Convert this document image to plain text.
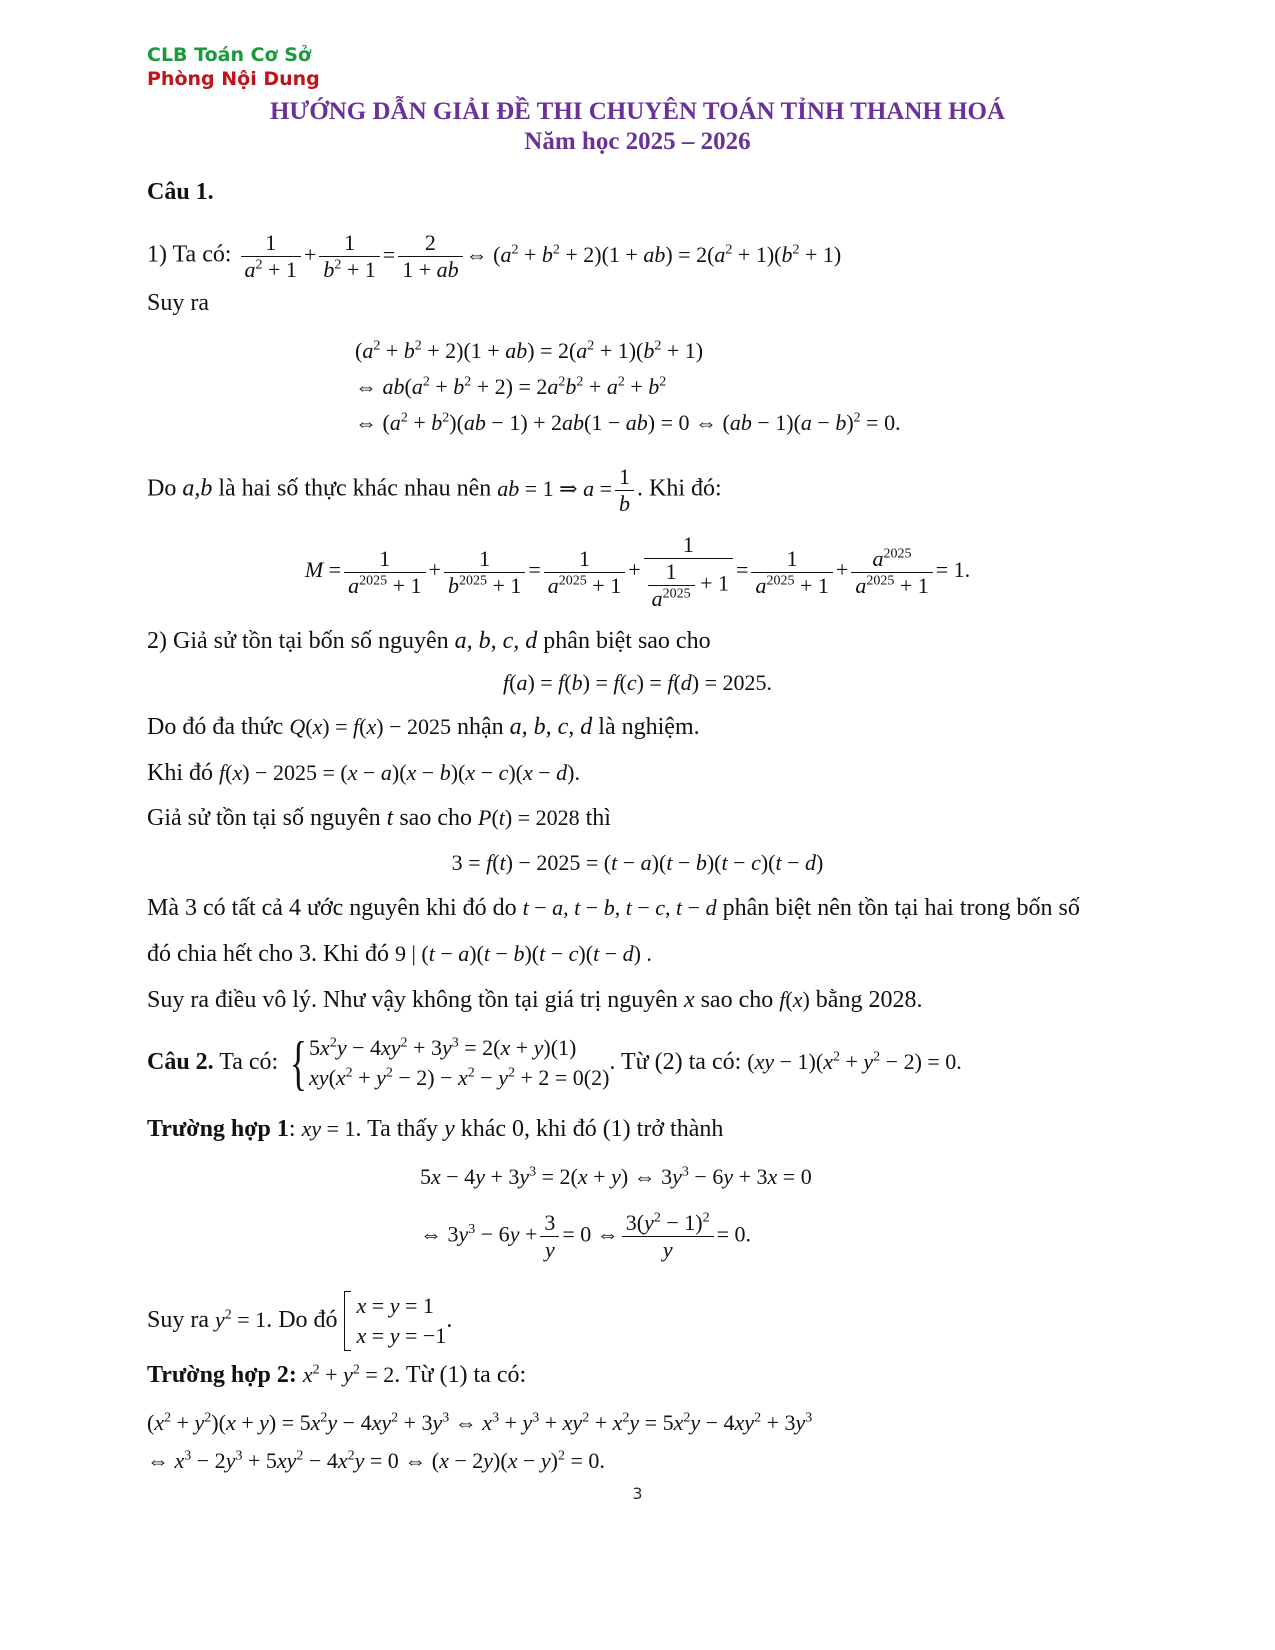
CLB Toán Cơ Sở
Phòng Nội Dung
HƯỚNG DẪN GIẢI ĐỀ THI CHUYÊN TOÁN TỈNH THANH HOÁ
Năm học 2025 – 2026
Câu 1.
1) Ta có: $\frac{1}{a^2 + 1} + \frac{1}{b^2 + 1} = \frac{2}{1 + ab}$ ⇔ $(a^2 + b^2 + 2)(1 + ab) = 2(a^2 + 1)(b^2 + 1)$
Suy ra
$(a^2 + b^2 + 2)(1 + ab) = 2(a^2 + 1)(b^2 + 1)$
⇔ $ab(a^2 + b^2 + 2) = 2a^2b^2 + a^2 + b^2$
⇔ $(a^2 + b^2)(ab - 1) + 2ab(1 - ab) = 0$ ⇔ $(ab - 1)(a - b)^2 = 0$.
Do a,b là hai số thực khác nhau nên ab = 1 ⇒ $a = \frac{1}{b}$ . Khi đó:
$M = \frac{1}{a^{2025} + 1} + \frac{1}{b^{2025} + 1} = \frac{1}{a^{2025} + 1} + \frac{1}{\frac{1}{a^{2025}} + 1} = \frac{1}{a^{2025} + 1} + \frac{a^{2025}}{a^{2025} + 1} = 1$.
2) Giả sử tồn tại bốn số nguyên a, b, c, d phân biệt sao cho
f(a) = f(b) = f(c) = f(d) = 2025.
Do đó đa thức Q(x) = f(x) − 2025 nhận a, b, c, d là nghiệm.
Khi đó f(x) − 2025 = (x − a)(x − b)(x − c)(x − d).
Giả sử tồn tại số nguyên t sao cho P(t) = 2028 thì
3 = f(t) − 2025 = (t − a)(t − b)(t − c)(t − d)
Mà 3 có tất cả 4 ước nguyên khi đó do t − a, t − b, t − c, t − d phân biệt nên tồn tại hai trong bốn số
đó chia hết cho 3. Khi đó 9 | (t − a)(t − b)(t − c)(t − d) .
Suy ra điều vô lý. Như vậy không tồn tại giá trị nguyên x sao cho f(x) bằng 2028.
Câu 2. Ta có: {$5x^2y - 4xy^2 + 3y^3 = 2(x + y)(1)$
$xy(x^2 + y^2 - 2) - x^2 - y^2 + 2 = 0(2)$. Từ (2) ta có: $(xy - 1)(x^2 + y^2 - 2) = 0$.
Trường hợp 1: xy = 1. Ta thấy y khác 0, khi đó (1) trở thành
$5x - 4y + 3y^3 = 2(x + y)$ ⇔ $3y^3 - 6y + 3x = 0$
⇔ $3y^3 - 6y + \frac{3}{y} = 0$ ⇔ $\frac{3(y^2 - 1)^2}{y} = 0$.
Suy ra $y^2 = 1$. Do đó x = y = 1
x = y = −1.
Trường hợp 2: $x^2 + y^2 = 2$. Từ (1) ta có:
$(x^2 + y^2)(x + y) = 5x^2y - 4xy^2 + 3y^3$ ⇔ $x^3 + y^3 + xy^2 + x^2y = 5x^2y - 4xy^2 + 3y^3$
⇔ $x^3 - 2y^3 + 5xy^2 - 4x^2y = 0$ ⇔ $(x - 2y)(x - y)^2 = 0$.
3
